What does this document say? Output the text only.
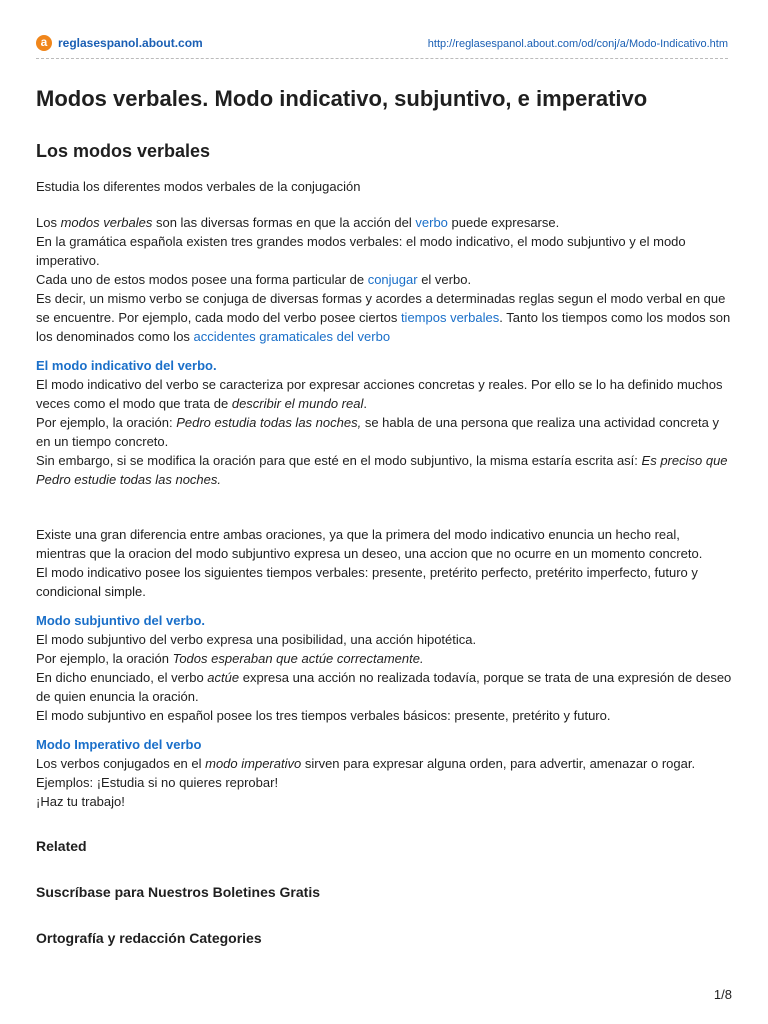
a reglasespanol.about.com	http://reglasespanol.about.com/od/conj/a/Modo-Indicativo.htm
Modos verbales. Modo indicativo, subjuntivo, e imperativo
Los modos verbales

Estudia los diferentes modos verbales de la conjugación

Los modos verbales son las diversas formas en que la acción del verbo puede expresarse.
En la gramática española existen tres grandes modos verbales: el modo indicativo, el modo subjuntivo y el modo imperativo.
Cada uno de estos modos posee una forma particular de conjugar el verbo.
Es decir, un mismo verbo se conjuga de diversas formas y acordes a determinadas reglas segun el modo verbal en que se encuentre. Por ejemplo, cada modo del verbo posee ciertos tiempos verbales. Tanto los tiempos como los modos son los denominados como los accidentes gramaticales del verbo

El modo indicativo del verbo.

El modo indicativo del verbo se caracteriza por expresar acciones concretas y reales. Por ello se lo ha definido muchos veces como el modo que trata de describir el mundo real.
Por ejemplo, la oración: Pedro estudia todas las noches, se habla de una persona que realiza una actividad concreta y en un tiempo concreto.
Sin embargo, si se modifica la oración para que esté en el modo subjuntivo, la misma estaría escrita así: Es preciso que Pedro estudie todas las noches.

Existe una gran diferencia entre ambas oraciones, ya que la primera del modo indicativo enuncia un hecho real, mientras que la oracion del modo subjuntivo expresa un deseo, una accion que no ocurre en un momento concreto.
El modo indicativo posee los siguientes tiempos verbales: presente, pretérito perfecto, pretérito imperfecto, futuro y condicional simple.

Modo subjuntivo del verbo.

El modo subjuntivo del verbo expresa una posibilidad, una acción hipotética.
Por ejemplo, la oración Todos esperaban que actúe correctamente.
En dicho enunciado, el verbo actúe expresa una acción no realizada todavía, porque se trata de una expresión de deseo de quien enuncia la oración.
El modo subjuntivo en español posee los tres tiempos verbales básicos: presente, pretérito y futuro.

Modo Imperativo del verbo

Los verbos conjugados en el modo imperativo sirven para expresar alguna orden, para advertir, amenazar o rogar.
Ejemplos: ¡Estudia si no quieres reprobar!
¡Haz tu trabajo!

Related
Suscríbase para Nuestros Boletines Gratis
Ortografía y redacción Categories
1/8
